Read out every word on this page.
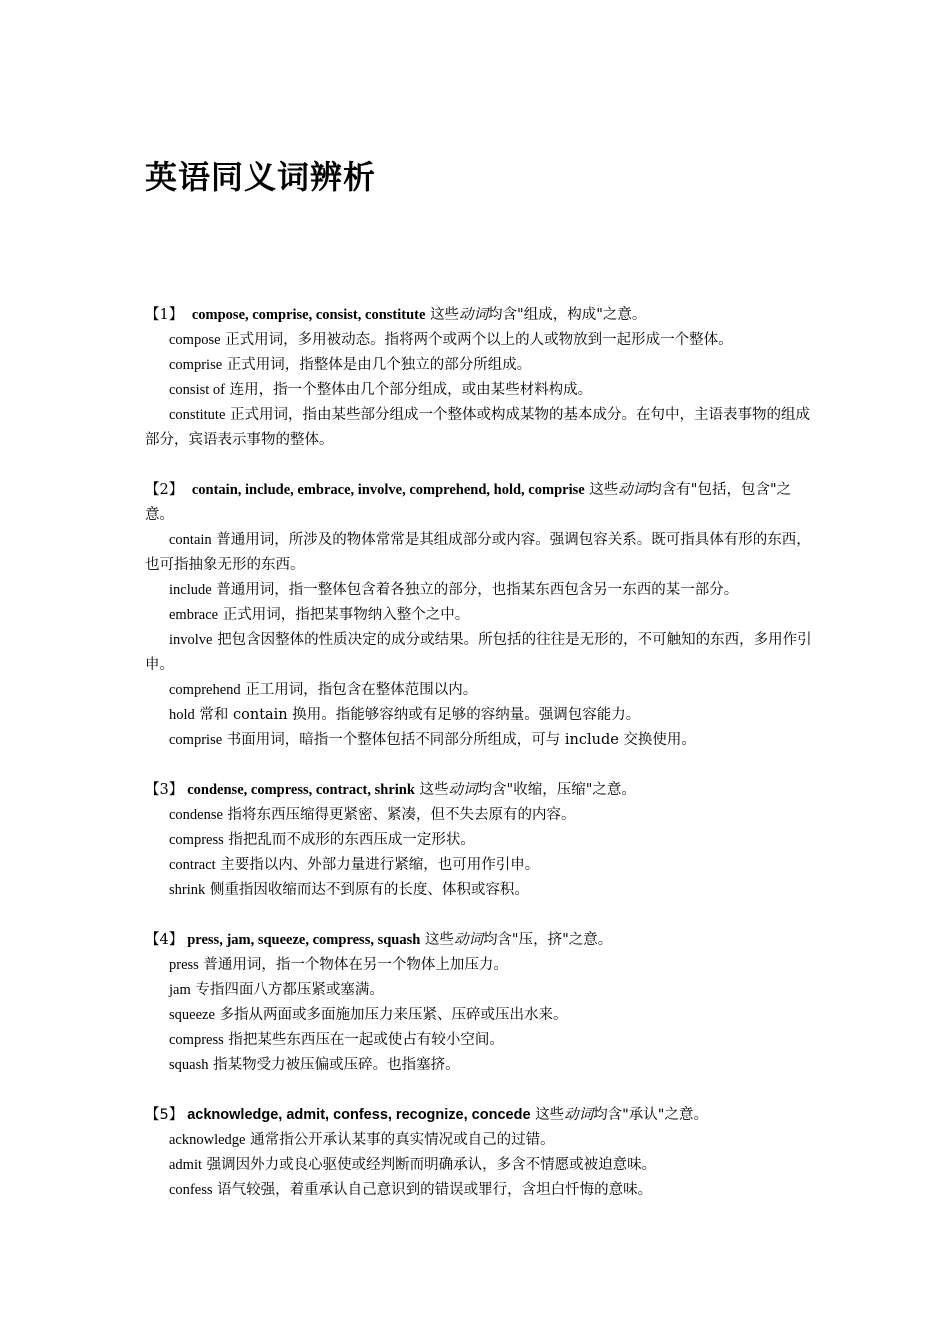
英语同义词辨析

【1】 compose, comprise, consist, constitute 这些动词均含"组成，构成"之意。

compose 正式用词，多用被动态。指将两个或两个以上的人或物放到一起形成一个整体。

comprise 正式用词，指整体是由几个独立的部分所组成。

consist of 连用，指一个整体由几个部分组成，或由某些材料构成。

constitute 正式用词，指由某些部分组成一个整体或构成某物的基本成分。在句中，主语表事物的组成部分，宾语表示事物的整体。

【2】 contain, include, embrace, involve, comprehend, hold, comprise 这些动词均含有"包括，包含"之意。

contain 普通用词，所涉及的物体常常是其组成部分或内容。强调包容关系。既可指具体有形的东西，也可指抽象无形的东西。

include 普通用词，指一整体包含着各独立的部分，也指某东西包含另一东西的某一部分。

embrace 正式用词，指把某事物纳入整个之中。

involve 把包含因整体的性质决定的成分或结果。所包括的往往是无形的，不可触知的东西，多用作引申。

comprehend 正工用词，指包含在整体范围以内。

hold 常和 contain 换用。指能够容纳或有足够的容纳量。强调包容能力。

comprise 书面用词，暗指一个整体包括不同部分所组成，可与 include 交换使用。

【3】 condense, compress, contract, shrink 这些动词均含"收缩，压缩"之意。

condense 指将东西压缩得更紧密、紧凑，但不失去原有的内容。

compress 指把乱而不成形的东西压成一定形状。

contract 主要指以内、外部力量进行紧缩，也可用作引申。

shrink 侧重指因收缩而达不到原有的长度、体积或容积。

【4】 press, jam, squeeze, compress, squash 这些动词均含"压，挤"之意。

press 普通用词，指一个物体在另一个物体上加压力。

jam 专指四面八方都压紧或塞满。

squeeze 多指从两面或多面施加压力来压紧、压碎或压出水来。

compress 指把某些东西压在一起或使占有较小空间。

squash 指某物受力被压偏或压碎。也指塞挤。

【5】 acknowledge, admit, confess, recognize, concede 这些动词均含"承认"之意。

acknowledge 通常指公开承认某事的真实情况或自己的过错。

admit 强调因外力或良心驱使或经判断而明确承认，多含不情愿或被迫意味。

confess 语气较强，着重承认自己意识到的错误或罪行，含坦白忏悔的意味。
